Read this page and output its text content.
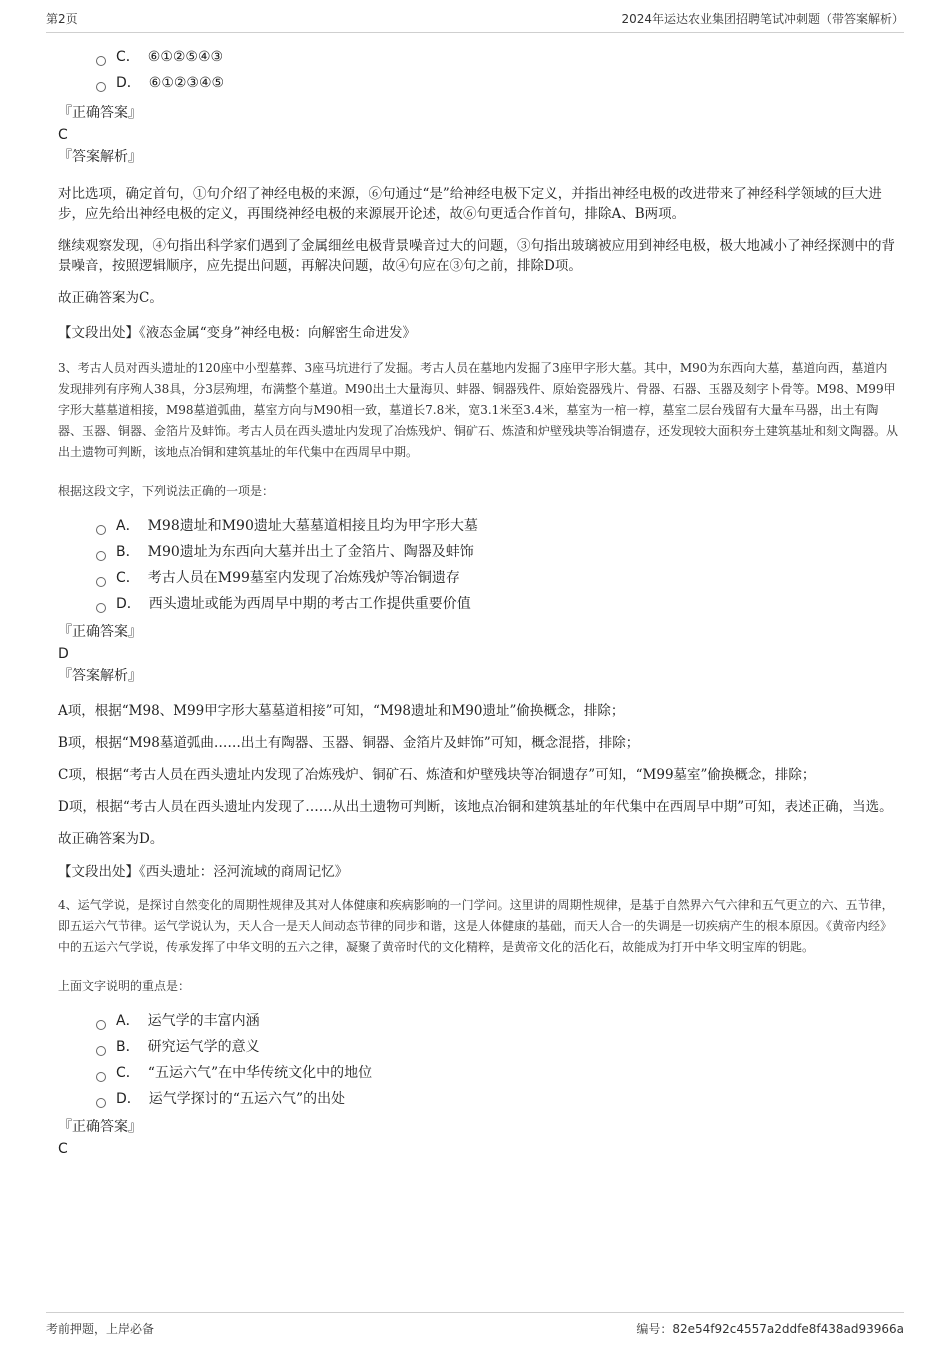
第2页	2024年运达农业集团招聘笔试冲刺题（带答案解析）
C． ⑥①②⑤④③
D． ⑥①②③④⑤
『正确答案』
C
『答案解析』

对比选项，确定首句，①句介绍了神经电极的来源，⑥句通过“是”给神经电极下定义，并指出神经电极的改进带来了神经科学领域的巨大进步，应先给出神经电极的定义，再围绕神经电极的来源展开论述，故⑥句更适合作首句，排除A、B两项。

继续观察发现，④句指出科学家们遇到了金属细丝电极背景噪音过大的问题，③句指出玻璃被应用到神经电极，极大地减小了神经探测中的背景噪音，按照逻辑顺序，应先提出问题，再解决问题，故④句应在③句之前，排除D项。

故正确答案为C。

【文段出处】《液态金属“变身”神经电极：向解密生命进发》
3、考古人员对西头遗址的120座中小型墓葬、3座马坑进行了发掘。考古人员在墓地内发掘了3座甲字形大墓。其中，M90为东西向大墓，墓道向西，墓道内发现排列有序殉人38具，分3层殉埋，布满整个墓道。M90出土大量海贝、蚌器、铜器残件、原始瓷器残片、骨器、石器、玉器及刻字卜骨等。M98、M99甲字形大墓墓道相接，M98墓道弧曲，墓室方向与M90相一致，墓道长7.8米，宽3.1米至3.4米，墓室为一棺一椁，墓室二层台残留有大量车马器，出土有陶器、玉器、铜器、金箔片及蚌饰。考古人员在西头遗址内发现了冶炼残炉、铜矿石、炼渣和炉壁残块等冶铜遗存，还发现较大面积夯土建筑基址和刻文陶器。从出土遗物可判断，该地点冶铜和建筑基址的年代集中在西周早中期。
根据这段文字，下列说法正确的一项是：
A． M98遗址和M90遗址大墓墓道相接且均为甲字形大墓
B． M90遗址为东西向大墓并出土了金箔片、陶器及蚌饰
C． 考古人员在M99墓室内发现了冶炼残炉等冶铜遗存
D． 西头遗址或能为西周早中期的考古工作提供重要价值
『正确答案』
D
『答案解析』

A项，根据“M98、M99甲字形大墓墓道相接”可知，“M98遗址和M90遗址”偷换概念，排除；

B项，根据“M98墓道弧曲……出土有陶器、玉器、铜器、金箔片及蚌饰”可知，概念混搭，排除；

C项，根据“考古人员在西头遗址内发现了冶炼残炉、铜矿石、炼渣和炉壁残块等冶铜遗存”可知，“M99墓室”偷换概念，排除；

D项，根据“考古人员在西头遗址内发现了……从出土遗物可判断，该地点冶铜和建筑基址的年代集中在西周早中期”可知，表述正确，当选。

故正确答案为D。

【文段出处】《西头遗址：泾河流域的商周记忆》
4、运气学说，是探讨自然变化的周期性规律及其对人体健康和疾病影响的一门学问。这里讲的周期性规律，是基于自然界六气六律和五气更立的六、五节律，即五运六气节律。运气学说认为，天人合一是天人间动态节律的同步和谐，这是人体健康的基础，而天人合一的失调是一切疾病产生的根本原因。《黄帝内经》中的五运六气学说，传承发挥了中华文明的五六之律，凝聚了黄帝时代的文化精粹，是黄帝文化的活化石，故能成为打开中华文明宝库的钥匙。
上面文字说明的重点是：
A． 运气学的丰富内涵
B． 研究运气学的意义
C． “五运六气”在中华传统文化中的地位
D． 运气学探讨的“五运六气”的出处
『正确答案』
C
考前押题，上岸必备	编号：82e54f92c4557a2ddfe8f438ad93966a
